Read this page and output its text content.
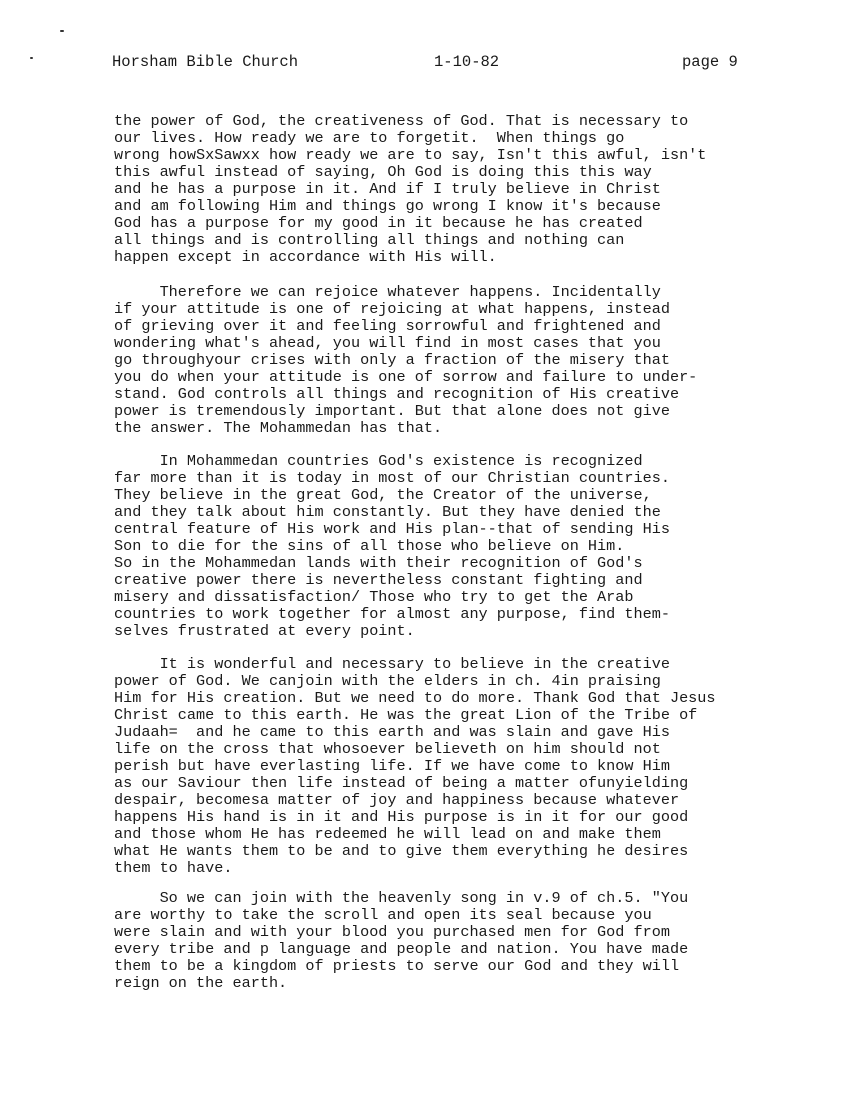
Horsham Bible Church	1-10-82	page 9
the power of God, the creativeness of God. That is necessary to
our lives. How ready we are to forgetit.  When things go
wrong howSxSawxx how ready we are to say, Isn't this awful, isn't
this awful instead of saying, Oh God is doing this this way
and he has a purpose in it. And if I truly believe in Christ
and am following Him and things go wrong I know it's because
God has a purpose for my good in it because he has created
all things and is controlling all things and nothing can
happen except in accordance with His will.
Therefore we can rejoice whatever happens. Incidentally
if your attitude is one of rejoicing at what happens, instead
of grieving over it and feeling sorrowful and frightened and
wondering what's ahead, you will find in most cases that you
go throughyour crises with only a fraction of the misery that
you do when your attitude is one of sorrow and failure to under-
stand. God controls all things and recognition of His creative
power is tremendously important. But that alone does not give
the answer. The Mohammedan has that.
In Mohammedan countries God's existence is recognized
far more than it is today in most of our Christian countries.
They believe in the great God, the Creator of the universe,
and they talk about him constantly. But they have denied the
central feature of His work and His plan--that of sending His
Son to die for the sins of all those who believe on Him.
So in the Mohammedan lands with their recognition of God's
creative power there is nevertheless constant fighting and
misery and dissatisfaction/ Those who try to get the Arab
countries to work together for almost any purpose, find them-
selves frustrated at every point.
It is wonderful and necessary to believe in the creative
power of God. We canjoin with the elders in ch. 4in praising
Him for His creation. But we need to do more. Thank God that Jesus
Christ came to this earth. He was the great Lion of the Tribe of
Judaah=  and he came to this earth and was slain and gave His
life on the cross that whosoever believeth on him should not
perish but have everlasting life. If we have come to know Him
as our Saviour then life instead of being a matter ofunyielding
despair, becomesa matter of joy and happiness because whatever
happens His hand is in it and His purpose is in it for our good
and those whom He has redeemed he will lead on and make them
what He wants them to be and to give them everything he desires
them to have.
So we can join with the heavenly song in v.9 of ch.5. "You
are worthy to take the scroll and open its seal because you
were slain and with your blood you purchased men for God from
every tribe and p language and people and nation. You have made
them to be a kingdom of priests to serve our God and they will
reign on the earth.
